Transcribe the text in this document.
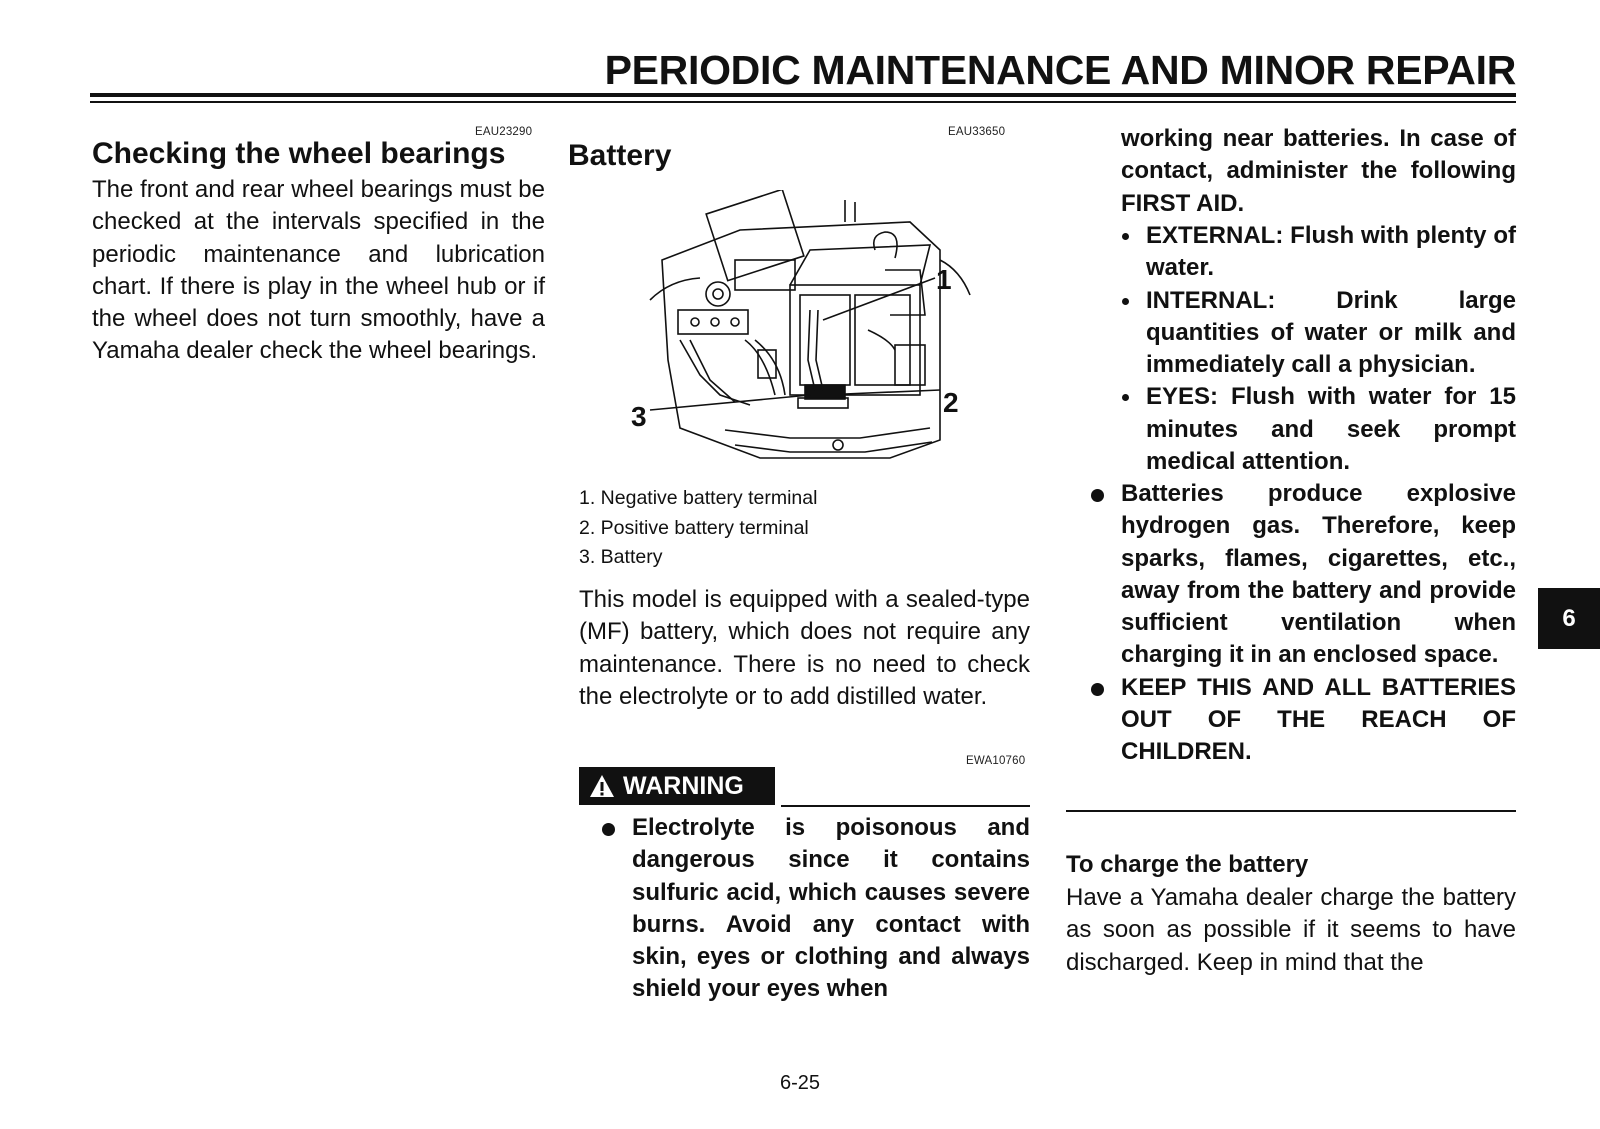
PERIODIC MAINTENANCE AND MINOR REPAIR
EAU23290
Checking the wheel bearings

The front and rear wheel bearings must be checked at the intervals specified in the periodic maintenance and lubrication chart. If there is play in the wheel hub or if the wheel does not turn smoothly, have a Yamaha dealer check the wheel bearings.

EAU33650
Battery
1
2
3
1. Negative battery terminal
2. Positive battery terminal
3. Battery

This model is equipped with a sealed-type (MF) battery, which does not require any maintenance. There is no need to check the electrolyte or to add distilled water.

EWA10760
WARNING
Electrolyte is poisonous and dangerous since it contains sulfuric acid, which causes severe burns. Avoid any contact with skin, eyes or clothing and always shield your eyes when
working near batteries. In case of contact, administer the following FIRST AID.
EXTERNAL: Flush with plenty of water.
INTERNAL: Drink large quantities of water or milk and immediately call a physician.
EYES: Flush with water for 15 minutes and seek prompt medical attention.
Batteries produce explosive hydrogen gas. Therefore, keep sparks, flames, cigarettes, etc., away from the battery and provide sufficient ventilation when charging it in an enclosed space.
KEEP THIS AND ALL BATTERIES OUT OF THE REACH OF CHILDREN.
To charge the battery

Have a Yamaha dealer charge the battery as soon as possible if it seems to have discharged. Keep in mind that the

6
6-25
